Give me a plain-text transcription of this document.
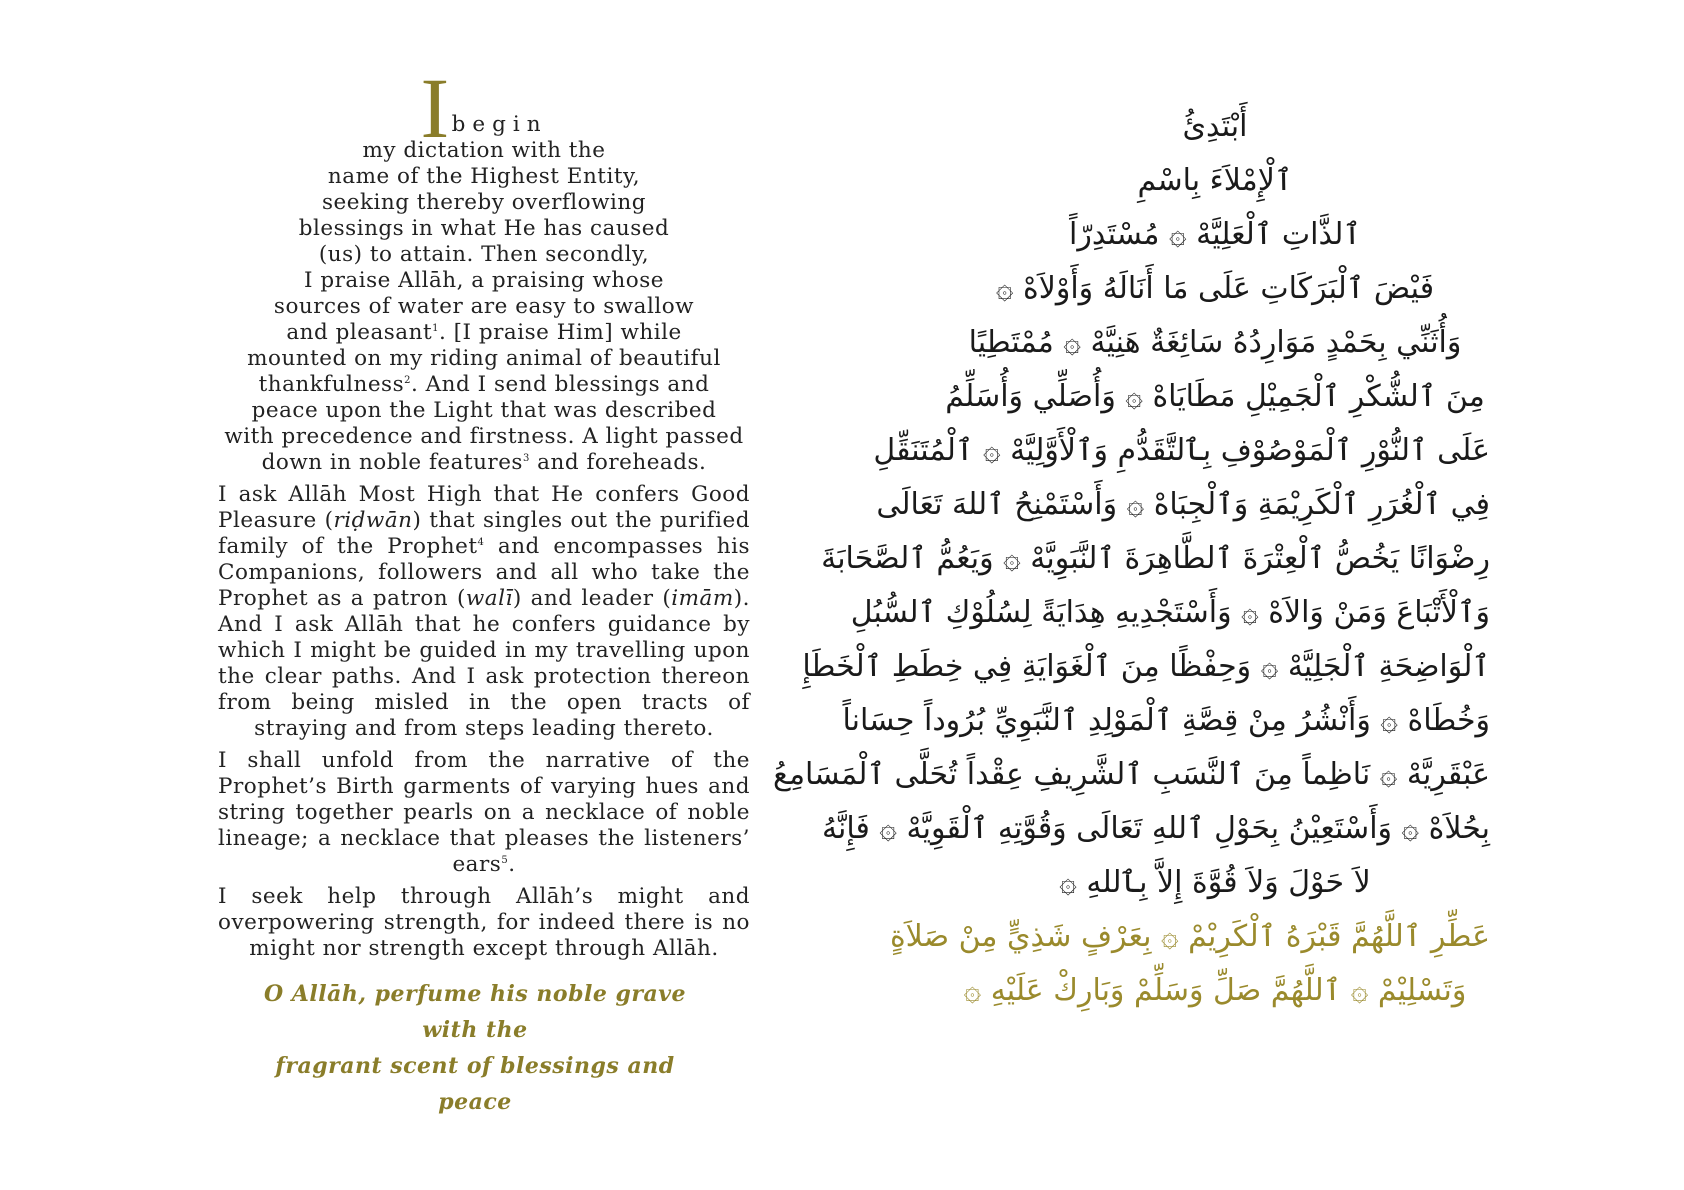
Ibegin
my dictation with the
name of the Highest Entity,
seeking thereby overflowing
blessings in what He has caused
(us) to attain. Then secondly,
I praise Allāh, a praising whose
sources of water are easy to swallow
and pleasant$^1$. [I praise Him] while
mounted on my riding animal of beautiful
thankfulness$^2$. And I send blessings and
peace upon the Light that was described
with precedence and firstness. A light passed
down in noble features$^3$ and foreheads.

I ask Allāh Most High that He confers Good Pleasure (riḍwān) that singles out the purified family of the Prophet$^4$ and encompasses his Companions, followers and all who take the Prophet as a patron (walī) and leader (imām). And I ask Allāh that he confers guidance by which I might be guided in my travelling upon the clear paths. And I ask protection thereon from being misled in the open tracts of straying and from steps leading thereto.

I shall unfold from the narrative of the Prophet’s Birth garments of varying hues and string together pearls on a necklace of noble lineage; a necklace that pleases the listeners’ ears$^5$.

I seek help through Allāh’s might and overpowering strength, for indeed there is no might nor strength except through Allāh.

O Allāh, perfume his noble grave with the
fragrant scent of blessings and peace
أَبْتَدِئُ
ٱلْإِمْلاَءَ بِاسْمِ
ٱلذَّاتِ ٱلْعَلِيَّهْ ۞ مُسْتَدِرّاً
فَيْضَ ٱلْبَرَكَاتِ عَلَى مَا أَنَالَهُ وَأَوْلاَهْ ۞
وَأُثَنِّي بِحَمْدٍ مَوَارِدُهُ سَائِغَةٌ هَنِيَّهْ ۞ مُمْتَطِيًا
مِنَ ٱلشُّكْرِ ٱلْجَمِيْلِ مَطَايَاهْ ۞ وَأُصَلِّي وَأُسَلِّمُ
عَلَى ٱلنُّوْرِ ٱلْمَوْصُوْفِ بِٱلتَّقَدُّمِ وَٱلْأَوَّلِيَّهْ ۞ ٱلْمُتَنَقِّلِ
فِي ٱلْغُرَرِ ٱلْكَرِيْمَةِ وَٱلْجِبَاهْ ۞ وَأَسْتَمْنِحُ ٱللهَ تَعَالَى
رِضْوَانًا يَخُصُّ ٱلْعِتْرَةَ ٱلطَّاهِرَةَ ٱلنَّبَوِيَّهْ ۞ وَيَعُمُّ ٱلصَّحَابَةَ
وَٱلْأَتْبَاعَ وَمَنْ وَالاَهْ ۞ وَأَسْتَجْدِيهِ هِدَايَةً لِسُلُوْكِ ٱلسُّبُلِ
ٱلْوَاضِحَةِ ٱلْجَلِيَّهْ ۞ وَحِفْظًا مِنَ ٱلْغَوَايَةِ فِي خِطَطِ ٱلْخَطَإِ
وَخُطَاهْ ۞ وَأَنْشُرُ مِنْ قِصَّةِ ٱلْمَوْلِدِ ٱلنَّبَوِيِّ بُرُوداً حِسَاناً
عَبْقَرِيَّهْ ۞ نَاظِماً مِنَ ٱلنَّسَبِ ٱلشَّرِيفِ عِقْداً تُحَلَّى ٱلْمَسَامِعُ
بِحُلاَهْ ۞ وَأَسْتَعِيْنُ بِحَوْلِ ٱللهِ تَعَالَى وَقُوَّتِهِ ٱلْقَوِيَّهْ ۞ فَإِنَّهُ
لاَ حَوْلَ وَلاَ قُوَّةَ إِلاَّ بِٱللهِ ۞
عَطِّرِ ٱللَّهُمَّ قَبْرَهُ ٱلْكَرِيْمْ ۞ بِعَرْفٍ شَذِيٍّ مِنْ صَلاَةٍ
وَتَسْلِيْمْ ۞ ٱللَّهُمَّ صَلِّ وَسَلِّمْ وَبَارِكْ عَلَيْهِ ۞
